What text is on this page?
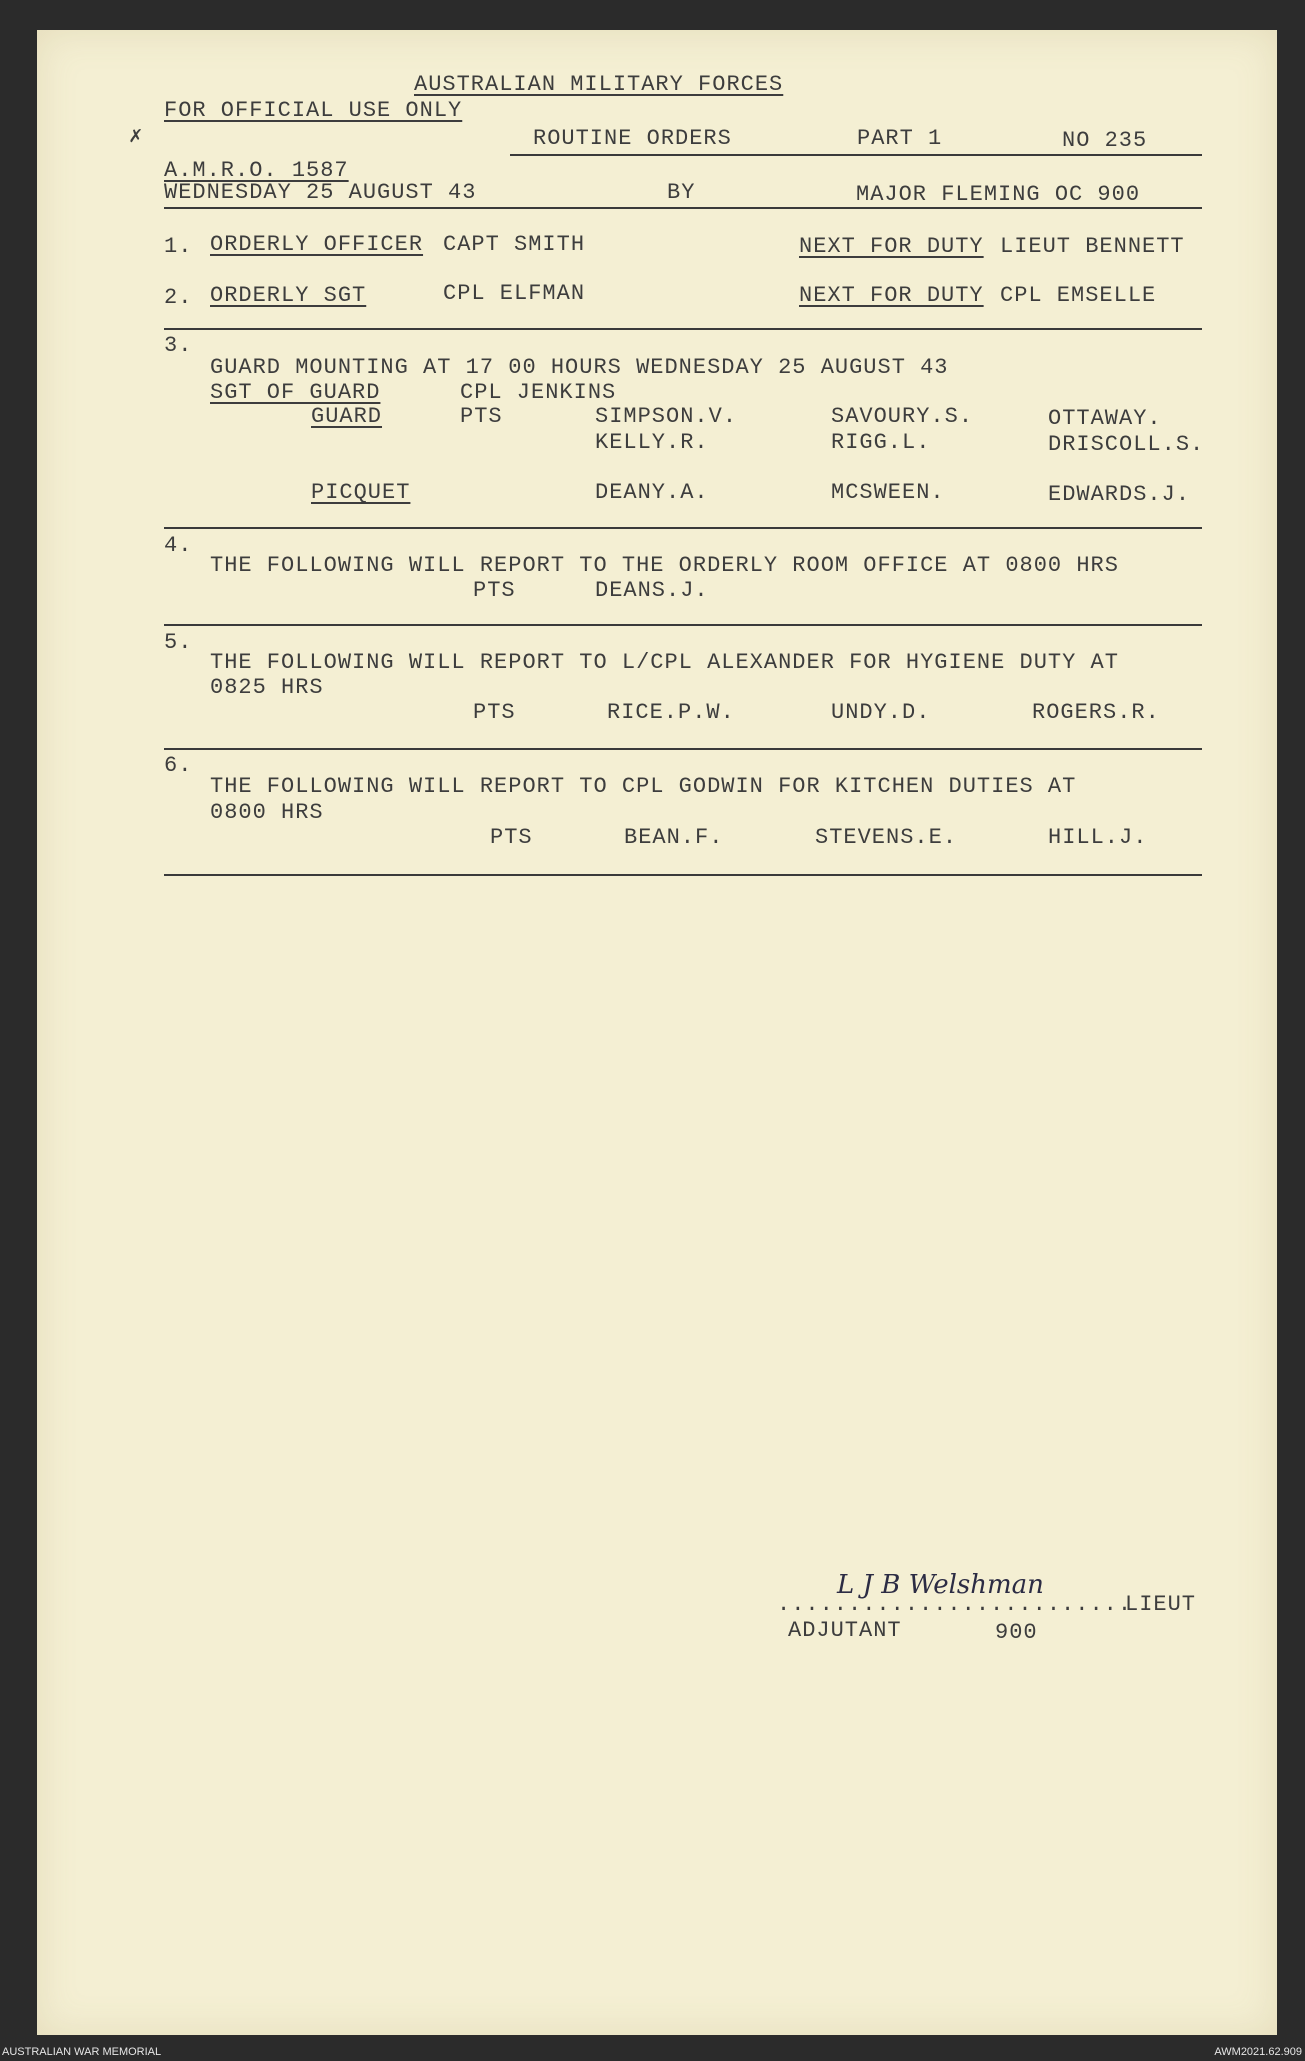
AUSTRALIAN MILITARY FORCES
FOR OFFICIAL USE ONLY
✗	ROUTINE ORDERS	PART 1	NO 235
A.M.R.O. 1587
WEDNESDAY 25 AUGUST 43	BY	MAJOR FLEMING OC 900
1. ORDERLY OFFICER CAPT SMITH	NEXT FOR DUTY LIEUT BENNETT
2. ORDERLY SGT	CPL ELFMAN	NEXT FOR DUTY CPL EMSELLE
3.
GUARD MOUNTING AT 17 00 HOURS WEDNESDAY 25 AUGUST 43
SGT OF GUARD	CPL JENKINS
GUARD	PTS	SIMPSON.V.	SAVOURY.S.	OTTAWAY.
KELLY.R.	RIGG.L.	DRISCOLL.S.
PICQUET	DEANY.A.	MCSWEEN.	EDWARDS.J.
4.
THE FOLLOWING WILL REPORT TO THE ORDERLY ROOM OFFICE AT 0800 HRS
PTS	DEANS.J.
5.
THE FOLLOWING WILL REPORT TO L/CPL ALEXANDER FOR HYGIENE DUTY AT
0825 HRS
PTS	RICE.P.W.	UNDY.D.	ROGERS.R.
6.
THE FOLLOWING WILL REPORT TO CPL GODWIN FOR KITCHEN DUTIES AT
0800 HRS
PTS	BEAN.F.	STEVENS.E.	HILL.J.
L J B Welshman
.........................
LIEUT
ADJUTANT	900
AUSTRALIAN WAR MEMORIAL	AWM2021.62.909
